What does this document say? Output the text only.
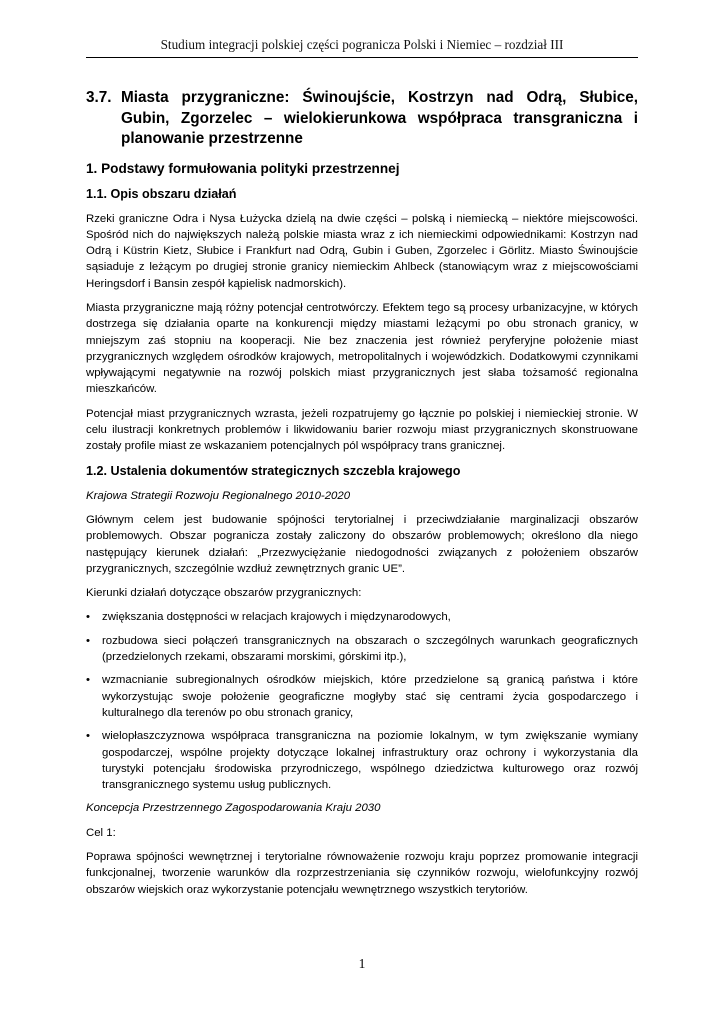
Studium integracji polskiej części pogranicza Polski i Niemiec – rozdział III
3.7. Miasta przygraniczne: Świnoujście, Kostrzyn nad Odrą, Słubice, Gubin, Zgorzelec – wielokierunkowa współpraca transgraniczna i planowanie przestrzenne
1. Podstawy formułowania polityki przestrzennej
1.1. Opis obszaru działań

Rzeki graniczne Odra i Nysa Łużycka dzielą na dwie części – polską i niemiecką – niektóre miejscowości. Spośród nich do największych należą polskie miasta wraz z ich niemieckimi odpowiednikami: Kostrzyn nad Odrą i Küstrin Kietz, Słubice i Frankfurt nad Odrą, Gubin i Guben, Zgorzelec i Görlitz. Miasto Świnoujście sąsiaduje z leżącym po drugiej stronie granicy niemieckim Ahlbeck (stanowiącym wraz z miejscowościami Heringsdorf i Bansin zespół kąpielisk nadmorskich).

Miasta przygraniczne mają różny potencjał centrotwórczy. Efektem tego są procesy urbanizacyjne, w których dostrzega się działania oparte na konkurencji między miastami leżącymi po obu stronach granicy, w mniejszym zaś stopniu na kooperacji. Nie bez znaczenia jest również peryferyjne położenie miast przygranicznych względem ośrodków krajowych, metropolitalnych i wojewódzkich. Dodatkowymi czynnikami wpływającymi negatywnie na rozwój polskich miast przygranicznych jest słaba tożsamość regionalna mieszkańców.

Potencjał miast przygranicznych wzrasta, jeżeli rozpatrujemy go łącznie po polskiej i niemieckiej stronie. W celu ilustracji konkretnych problemów i likwidowaniu barier rozwoju miast przygranicznych skonstruowane zostały profile miast ze wskazaniem potencjalnych pól współpracy trans granicznej.

1.2. Ustalenia dokumentów strategicznych szczebla krajowego

Krajowa Strategii Rozwoju Regionalnego 2010-2020

Głównym celem jest budowanie spójności terytorialnej i przeciwdziałanie marginalizacji obszarów problemowych. Obszar pogranicza zostały zaliczony do obszarów problemowych; określono dla niego następujący kierunek działań: „Przezwyciężanie niedogodności związanych z położeniem obszarów przygranicznych, szczególnie wzdłuż zewnętrznych granic UE”.

Kierunki działań dotyczące obszarów przygranicznych:

•	zwiększania dostępności w relacjach krajowych i międzynarodowych,
•	rozbudowa sieci połączeń transgranicznych na obszarach o szczególnych warunkach geograficznych (przedzielonych rzekami, obszarami morskimi, górskimi itp.),
•	wzmacnianie subregionalnych ośrodków miejskich, które przedzielone są granicą państwa i które wykorzystując swoje położenie geograficzne mogłyby stać się centrami życia gospodarczego i kulturalnego dla terenów po obu stronach granicy,
•	wielopłaszczyznowa współpraca transgraniczna na poziomie lokalnym, w tym zwiększanie wymiany gospodarczej, wspólne projekty dotyczące lokalnej infrastruktury oraz ochrony i wykorzystania dla turystyki potencjału środowiska przyrodniczego, wspólnego dziedzictwa kulturowego oraz rozwój transgranicznego systemu usług publicznych.

Koncepcja Przestrzennego Zagospodarowania Kraju 2030

Cel 1:

Poprawa spójności wewnętrznej i terytorialne równoważenie rozwoju kraju poprzez promowanie integracji funkcjonalnej, tworzenie warunków dla rozprzestrzeniania się czynników rozwoju, wielofunkcyjny rozwój obszarów wiejskich oraz wykorzystanie potencjału wewnętrznego wszystkich terytoriów.

1
